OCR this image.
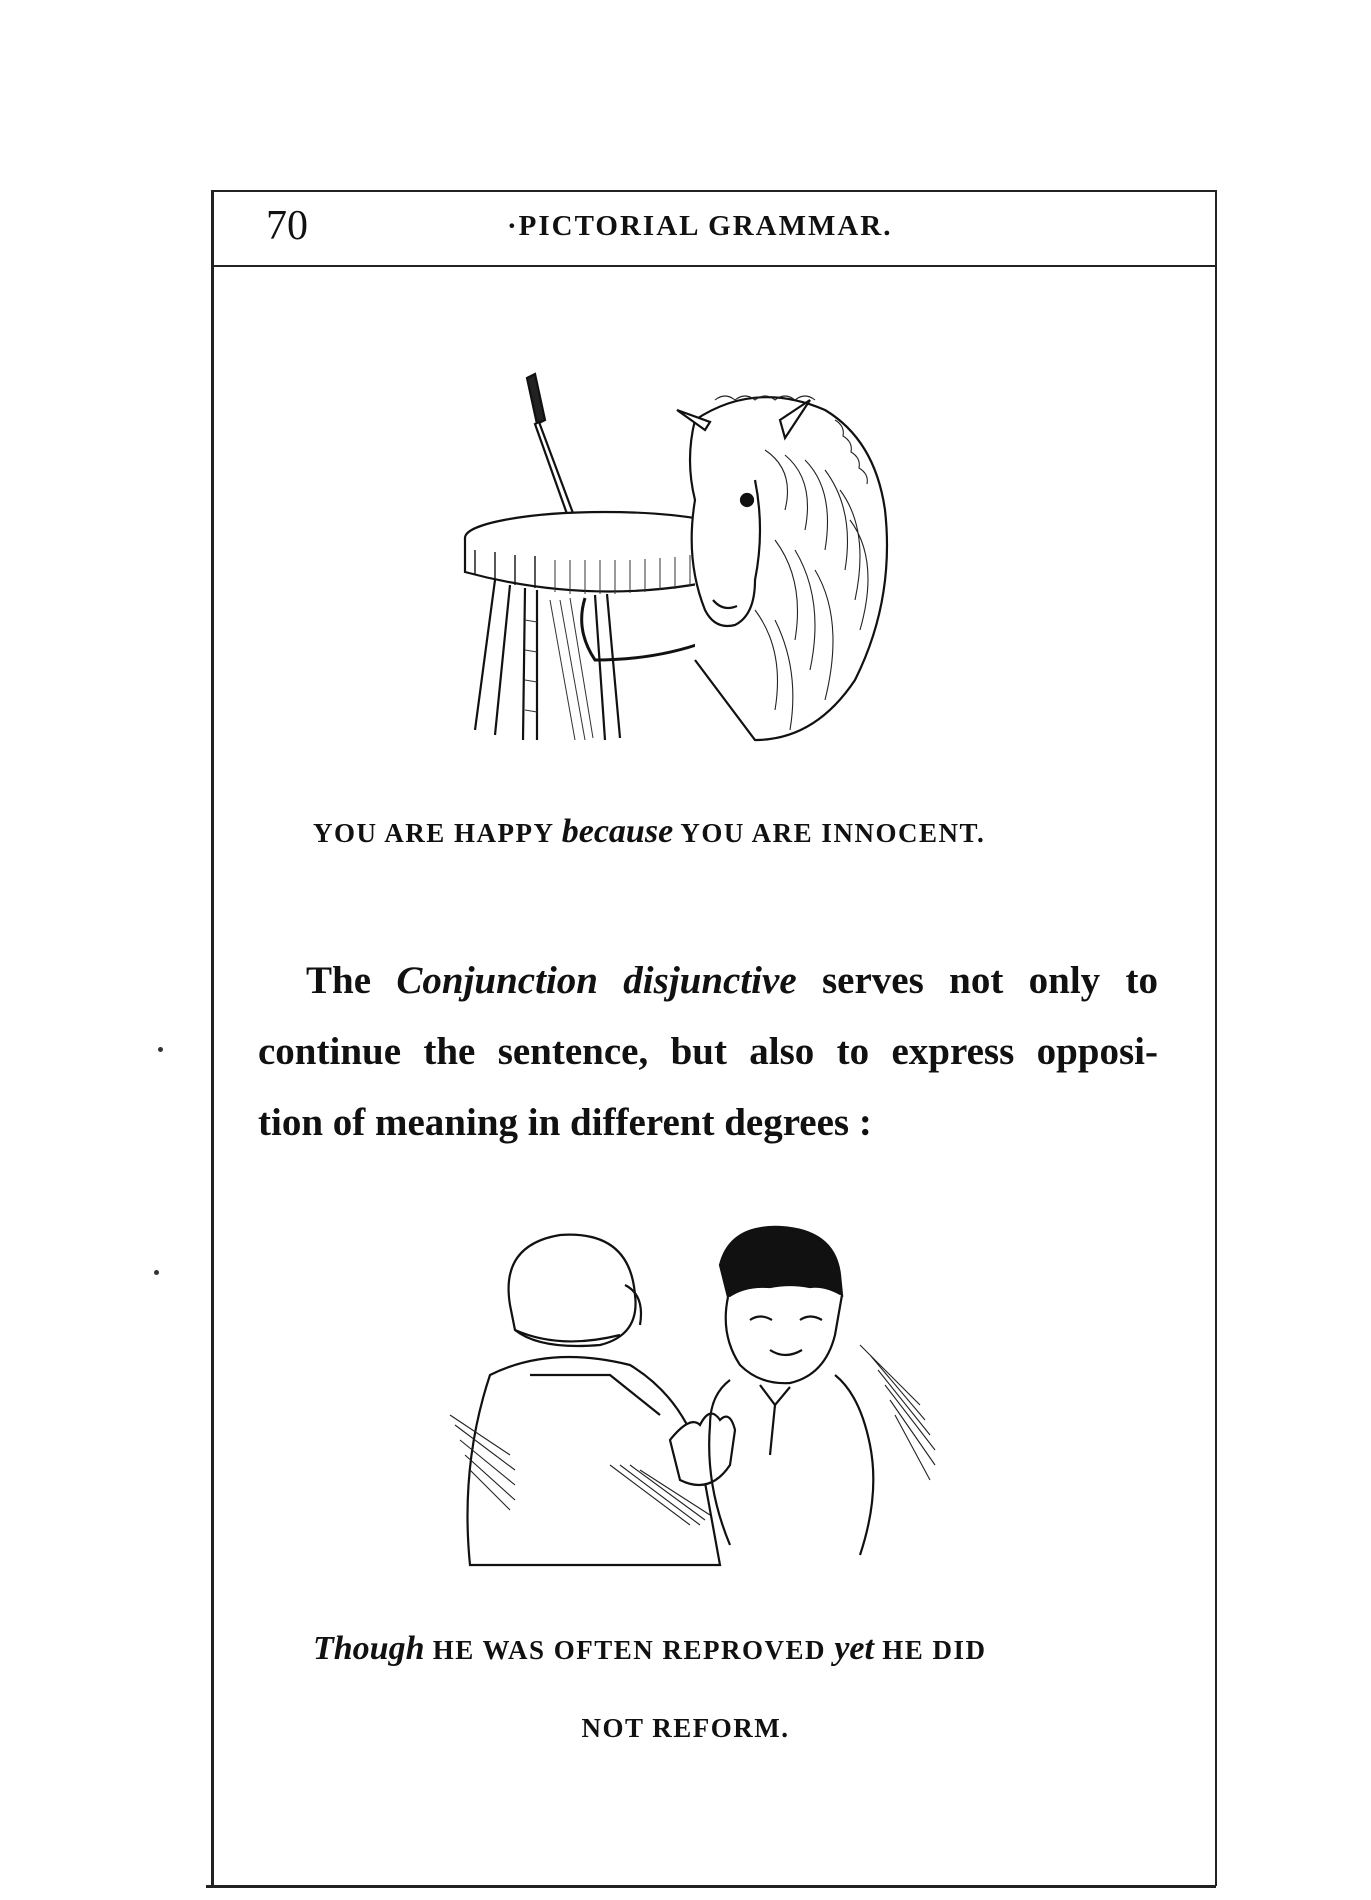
70	·PICTORIAL GRAMMAR.
YOU ARE HAPPY because YOU ARE INNOCENT.
The Conjunction disjunctive serves not only to
continue the sentence, but also to express opposi-
tion of meaning in different degrees :
Though HE WAS OFTEN REPROVED yet HE DID
NOT REFORM.
